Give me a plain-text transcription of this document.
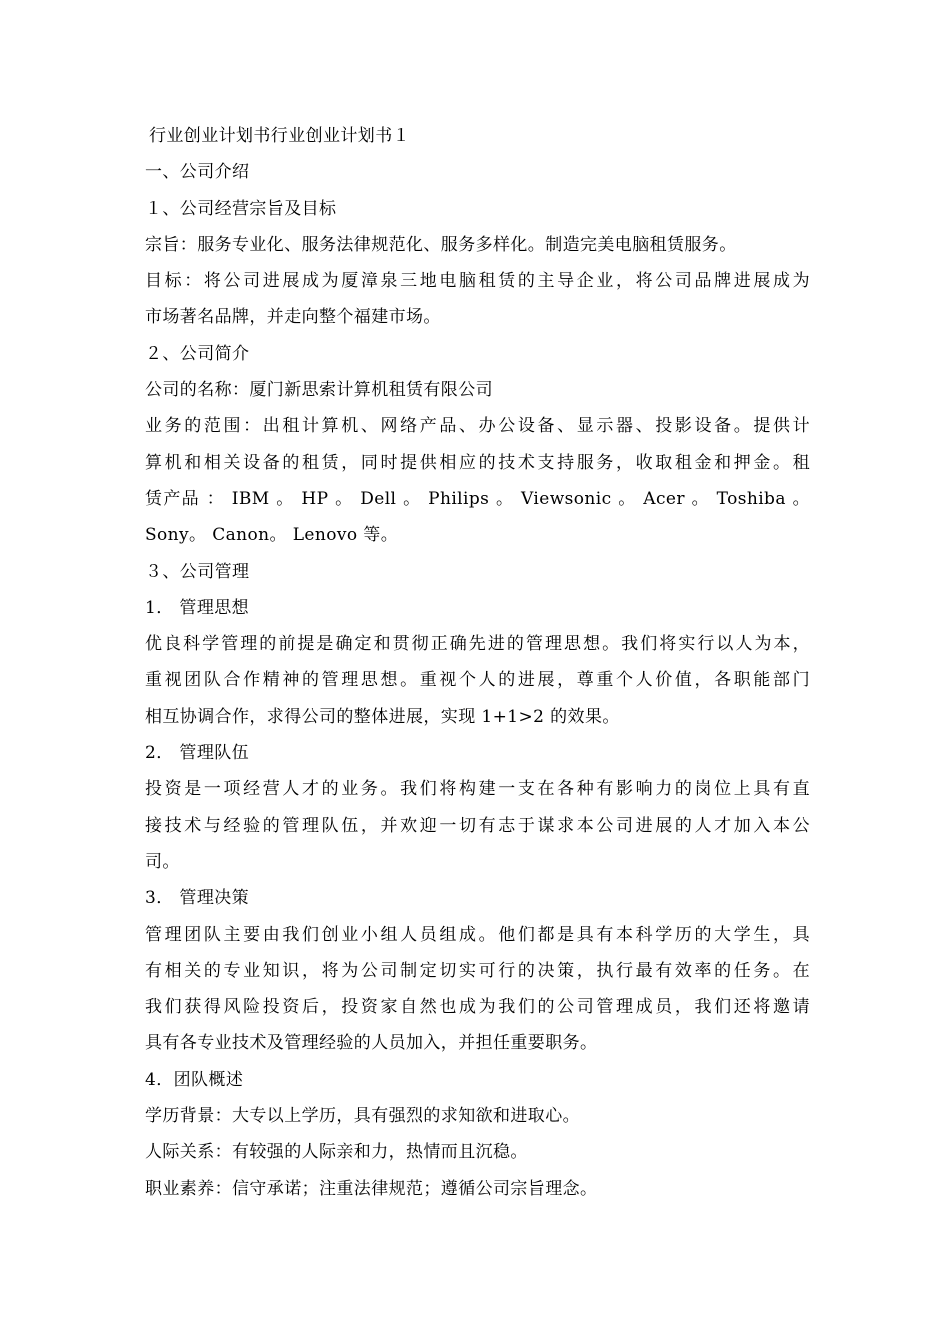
行业创业计划书行业创业计划书１
一、公司介绍
１、公司经营宗旨及目标
宗旨：服务专业化、服务法律规范化、服务多样化。制造完美电脑租赁服务。
目标：将公司进展成为厦漳泉三地电脑租赁的主导企业，将公司品牌进展成为
市场著名品牌，并走向整个福建市场。
２、公司简介
公司的名称：厦门新思索计算机租赁有限公司
业务的范围：出租计算机、网络产品、办公设备、显示器、投影设备。提供计
算机和相关设备的租赁，同时提供相应的技术支持服务，收取租金和押金。租
赁产品 ： IBM 。 HP 。 Dell 。 Philips 。 Viewsonic 。 Acer 。 Toshiba 。
Sony。 Canon。 Lenovo 等。
３、公司管理
1． 管理思想
优良科学管理的前提是确定和贯彻正确先进的管理思想。我们将实行以人为本，
重视团队合作精神的管理思想。重视个人的进展，尊重个人价值，各职能部门
相互协调合作，求得公司的整体进展，实现 1+1>2 的效果。
2． 管理队伍
投资是一项经营人才的业务。我们将构建一支在各种有影响力的岗位上具有直
接技术与经验的管理队伍，并欢迎一切有志于谋求本公司进展的人才加入本公
司。
3． 管理决策
管理团队主要由我们创业小组人员组成。他们都是具有本科学历的大学生，具
有相关的专业知识，将为公司制定切实可行的决策，执行最有效率的任务。在
我们获得风险投资后，投资家自然也成为我们的公司管理成员，我们还将邀请
具有各专业技术及管理经验的人员加入，并担任重要职务。
4．团队概述
学历背景：大专以上学历，具有强烈的求知欲和进取心。
人际关系：有较强的人际亲和力，热情而且沉稳。
职业素养：信守承诺；注重法律规范；遵循公司宗旨理念。
